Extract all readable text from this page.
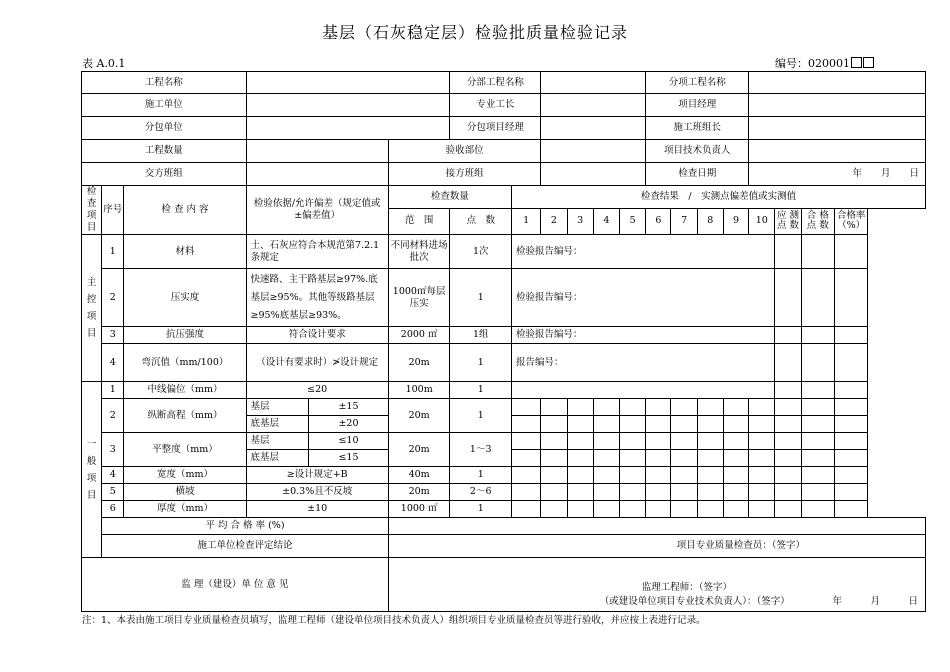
基层（石灰稳定层）检验批质量检验记录
表 A.0.1	编号：020001
工程名称						分部工程名称						分项工程名称							
施工单位						专业工长						项目经理							
分包单位						分包项目经理						施工班组长							
工程数量					验收部位							项目技术负责人							
交方班组					接方班组							检查日期				年　　月　　日			
检查项目	序号	检 查 内 容	检验依据/允许偏差（规定值或±偏差值）		检查数量		检查结果　/　实测点偏差值或实测值												
					范　围	点　数	1	2	3	4	5	6	7	8	9	10	应 测点 数	合 格点 数	合格率（%）
主控项目	1	材料	土、石灰应符合本规范第7.2.1条规定		不同材料进场批次	1次	检验报告编号：												
	2	压实度	快速路、主干路基层≥97%.底基层≥95%。其他等级路基层≥95%底基层≥93%。		1000㎡每层压实	1	检验报告编号：												
	3	抗压强度	符合设计要求		2000 ㎡	1组	检验报告编号：												
	4	弯沉值（mm/100）	（设计有要求时）≯设计规定		20m	1	报告编号：												
一般项目	1	中线偏位（mm）	≤20		100m	1													
	2	纵断高程（mm）	基层	±15	20m	1													
			底基层	±20															
	3	平整度（mm）	基层	≤10	20m	1～3													
			底基层	≤15															
	4	宽度（mm）	≥设计规定+B		40m	1													
	5	横坡	±0.3%且不反坡		20m	2～6													
	6	厚度（mm）	±10		1000 ㎡	1													
	平 均 合 格 率 (%)																		
	施工单位检查评定结论				项目专业质量检查员：（签字）														
监 理（建设）单 位 意 见					监理工程师：（签字）
（或建设单位项目专业技术负责人）：（签字）　　　　　年　　　月　　　日														
注：1、本表由施工项目专业质量检查员填写，监理工程师（建设单位项目技术负责人）组织项目专业质量检查员等进行验收，并应按上表进行记录。
